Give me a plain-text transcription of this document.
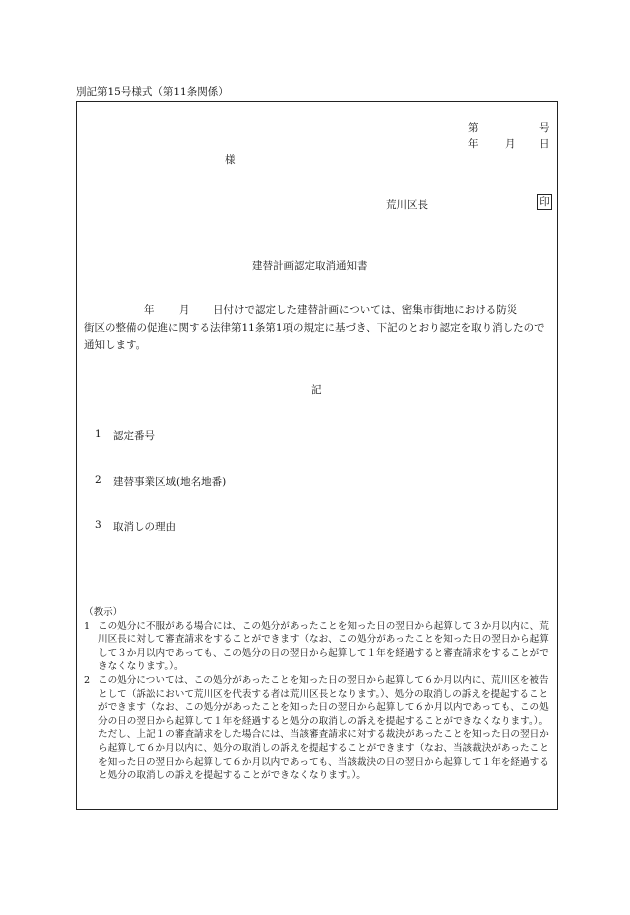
別記第15号様式（第11条関係）
第	号
年	月 日
様
荒川区長	印
建替計画認定取消通知書
年 月 日付けで認定した建替計画については、密集市街地における防災
街区の整備の促進に関する法律第11条第1項の規定に基づき、下記のとおり認定を取り消したので通知します。
記
1 認定番号
2 建替事業区域(地名地番)
3 取消しの理由
（教示）
1 この処分に不服がある場合には、この処分があったことを知った日の翌日から起算して３か月以内に、荒川区長に対して審査請求をすることができます（なお、この処分があったことを知った日の翌日から起算して３か月以内であっても、この処分の日の翌日から起算して１年を経過すると審査請求をすることができなくなります。）。
2 この処分については、この処分があったことを知った日の翌日から起算して６か月以内に、荒川区を被告として（訴訟において荒川区を代表する者は荒川区長となります。）、処分の取消しの訴えを提起することができます（なお、この処分があったことを知った日の翌日から起算して６か月以内であっても、この処分の日の翌日から起算して１年を経過すると処分の取消しの訴えを提起することができなくなります。）。ただし、上記１の審査請求をした場合には、当該審査請求に対する裁決があったことを知った日の翌日から起算して６か月以内に、処分の取消しの訴えを提起することができます（なお、当該裁決があったことを知った日の翌日から起算して６か月以内であっても、当該裁決の日の翌日から起算して１年を経過すると処分の取消しの訴えを提起することができなくなります。）。
